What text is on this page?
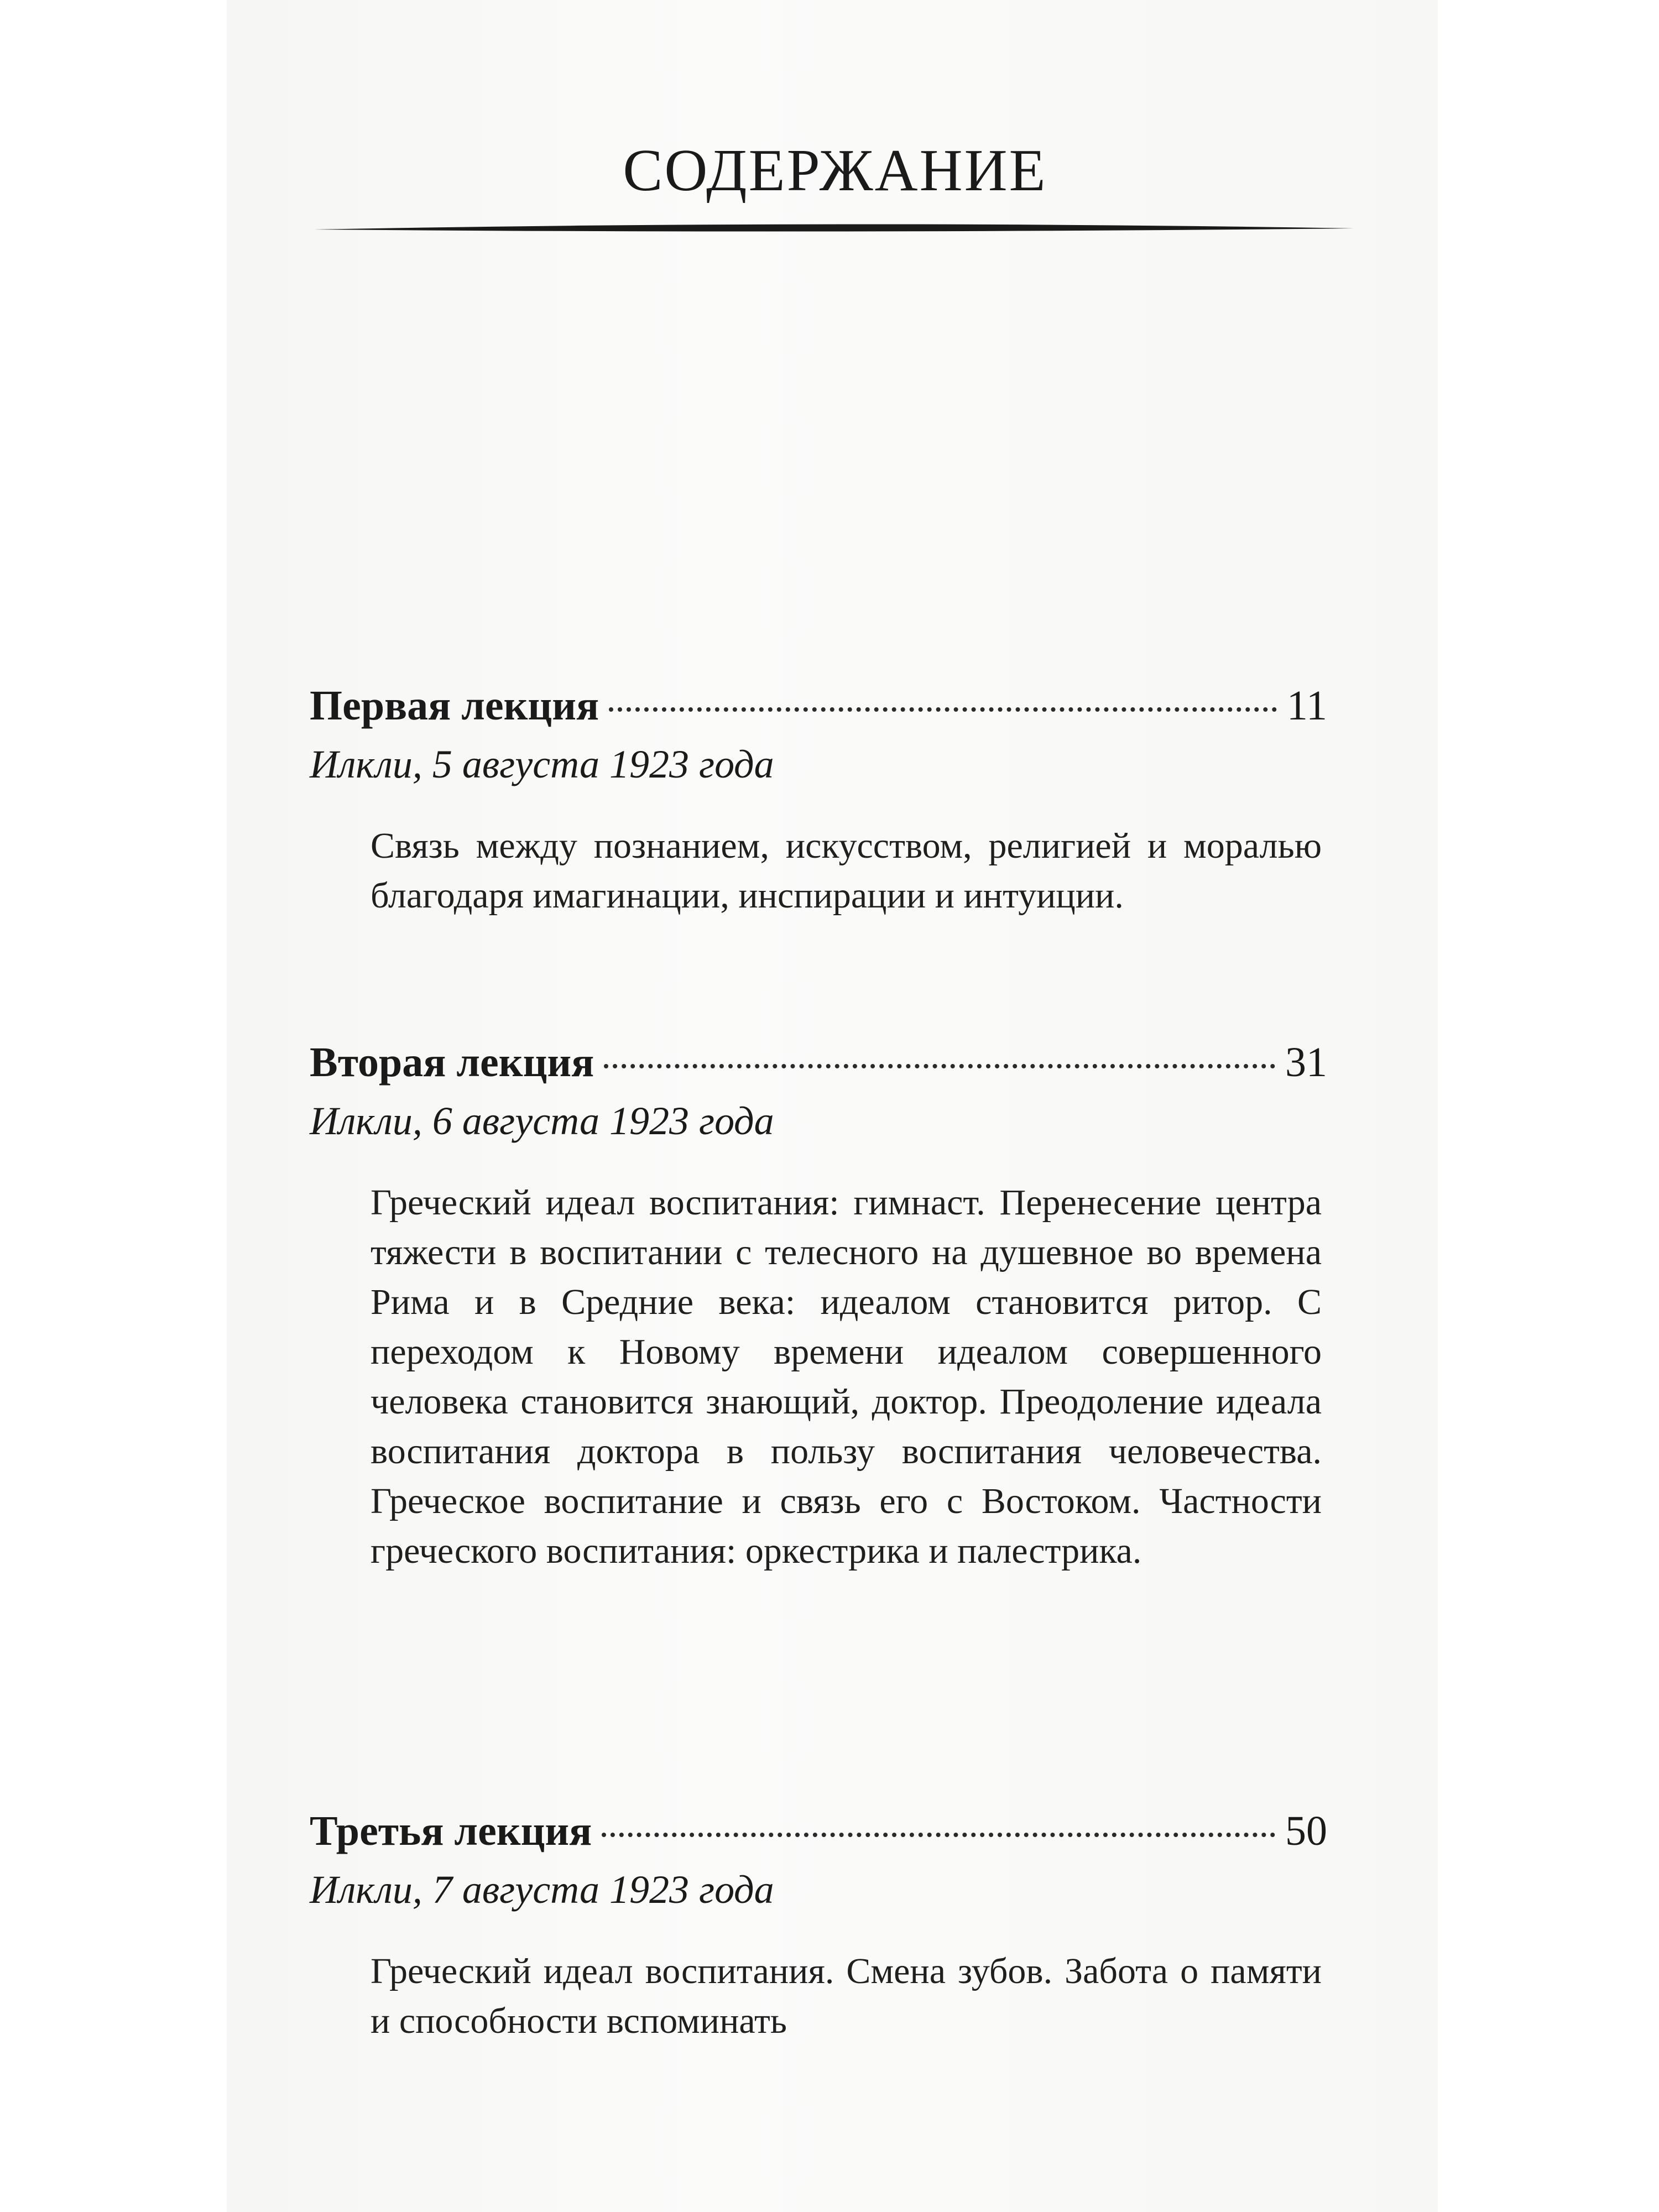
СОДЕРЖАНИЕ
Первая лекция	11
Илкли, 5 августа 1923 года

Связь между познанием, искусством, религией и моралью благодаря имагинации, инспирации и интуиции.

Вторая лекция	31
Илкли, 6 августа 1923 года

Греческий идеал воспитания: гимнаст. Перенесение центра тяжести в воспитании с телесного на душевное во времена Рима и в Средние века: идеалом становится ритор. С переходом к Новому времени идеалом совершенного человека становится знающий, доктор. Преодоление идеала воспитания доктора в пользу воспитания человечества. Греческое воспитание и связь его с Востоком. Частности греческого воспитания: оркестрика и палестрика.

Третья лекция	50
Илкли, 7 августа 1923 года

Греческий идеал воспитания. Смена зубов. Забота о памяти и способности вспоминать
